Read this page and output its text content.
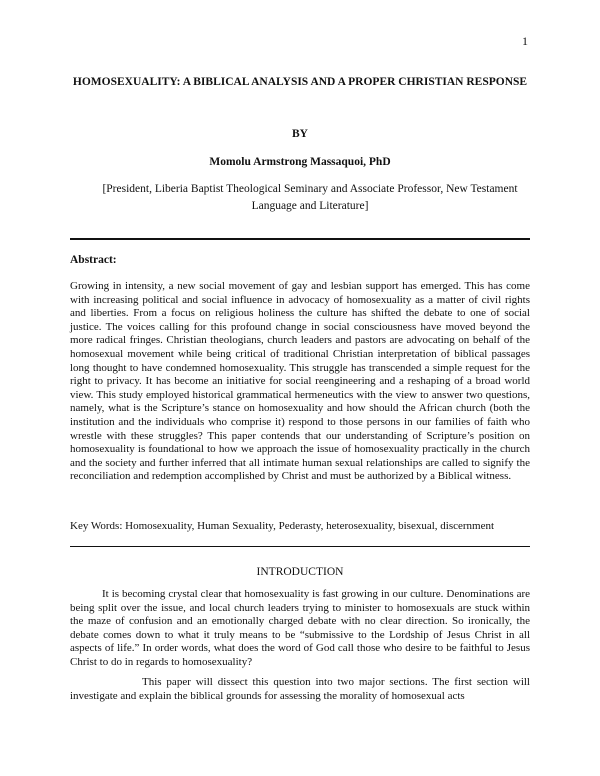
1
HOMOSEXUALITY: A BIBLICAL ANALYSIS AND A PROPER CHRISTIAN RESPONSE
BY
Momolu Armstrong Massaquoi, PhD
[President, Liberia Baptist Theological Seminary and Associate Professor, New Testament Language and Literature]
Abstract:
Growing in intensity, a new social movement of gay and lesbian support has emerged. This has come with increasing political and social influence in advocacy of homosexuality as a matter of civil rights and liberties. From a focus on religious holiness the culture has shifted the debate to one of social justice. The voices calling for this profound change in social consciousness have moved beyond the more radical fringes. Christian theologians, church leaders and pastors are advocating on behalf of the homosexual movement while being critical of traditional Christian interpretation of biblical passages long thought to have condemned homosexuality. This struggle has transcended a simple request for the right to privacy. It has become an initiative for social reengineering and a reshaping of a broad world view. This study employed historical grammatical hermeneutics with the view to answer two questions, namely, what is the Scripture’s stance on homosexuality and how should the African church (both the institution and the individuals who comprise it) respond to those persons in our families of faith who wrestle with these struggles? This paper contends that our understanding of Scripture’s position on homosexuality is foundational to how we approach the issue of homosexuality practically in the church and the society and further inferred that all intimate human sexual relationships are called to signify the reconciliation and redemption accomplished by Christ and must be authorized by a Biblical witness.
Key Words: Homosexuality, Human Sexuality, Pederasty, heterosexuality, bisexual, discernment
INTRODUCTION
It is becoming crystal clear that homosexuality is fast growing in our culture. Denominations are being split over the issue, and local church leaders trying to minister to homosexuals are stuck within the maze of confusion and an emotionally charged debate with no clear direction. So ironically, the debate comes down to what it truly means to be “submissive to the Lordship of Jesus Christ in all aspects of life.” In order words, what does the word of God call those who desire to be faithful to Jesus Christ to do in regards to homosexuality?
This paper will dissect this question into two major sections. The first section will investigate and explain the biblical grounds for assessing the morality of homosexual acts
